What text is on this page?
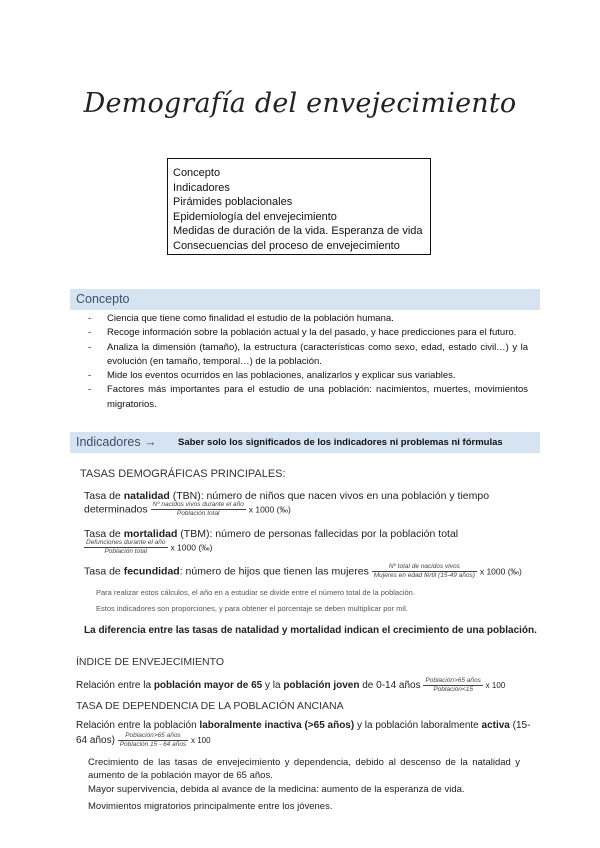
Demografía del envejecimiento
Concepto
Indicadores
Pirámides poblacionales
Epidemiología del envejecimiento
Medidas de duración de la vida. Esperanza de vida
Consecuencias del proceso de envejecimiento
Concepto
- Ciencia que tiene como finalidad el estudio de la población humana.
- Recoge información sobre la población actual y la del pasado, y hace predicciones para el futuro.
- Analiza la dimensión (tamaño), la estructura (características como sexo, edad, estado civil…) y la evolución (en tamaño, temporal…) de la población.
- Mide los eventos ocurridos en las poblaciones, analizarlos y explicar sus variables.
- Factores más importantes para el estudio de una población: nacimientos, muertes, movimientos migratorios.
Indicadores → Saber solo los significados de los indicadores ni problemas ni fórmulas
TASAS DEMOGRÁFICAS PRINCIPALES:
Tasa de natalidad (TBN): número de niños que nacen vivos en una población y tiempo
determinados $\frac{\text{Nº nacidos vivos durante el año}}{\text{Población total}}$ x 1000 (‰)
Tasa de mortalidad (TBM): número de personas fallecidas por la población total
$\frac{\text{Defunciones durante el año}}{\text{Población total}}$ x 1000 (‰)
Tasa de fecundidad: número de hijos que tienen las mujeres $\frac{\text{Nº total de nacidos vivos}}{\text{Mujeres en edad fértil (15-49 años)}}$ x 1000 (‰)
Para realizar estos cálculos, el año en a estudiar se divide entre el número total de la población.
Estos indicadores son proporciones, y para obtener el porcentaje se deben multiplicar por mil.
La diferencia entre las tasas de natalidad y mortalidad indican el crecimiento de una población.
ÍNDICE DE ENVEJECIMIENTO
Relación entre la población mayor de 65 y la población joven de 0-14 años $\frac{\text{Población>65 años}}{\text{Población<15}}$ x 100
TASA DE DEPENDENCIA DE LA POBLACIÓN ANCIANA
Relación entre la población laboralmente inactiva (>65 años) y la población laboralmente activa (15-
64 años) $\frac{\text{Población>65 años}}{\text{Población 15 - 64 años}}$ x 100
Crecimiento de las tasas de envejecimiento y dependencia, debido al descenso de la natalidad y aumento de la población mayor de 65 años.
Mayor supervivencia, debida al avance de la medicina: aumento de la esperanza de vida.
Movimientos migratorios principalmente entre los jóvenes.
